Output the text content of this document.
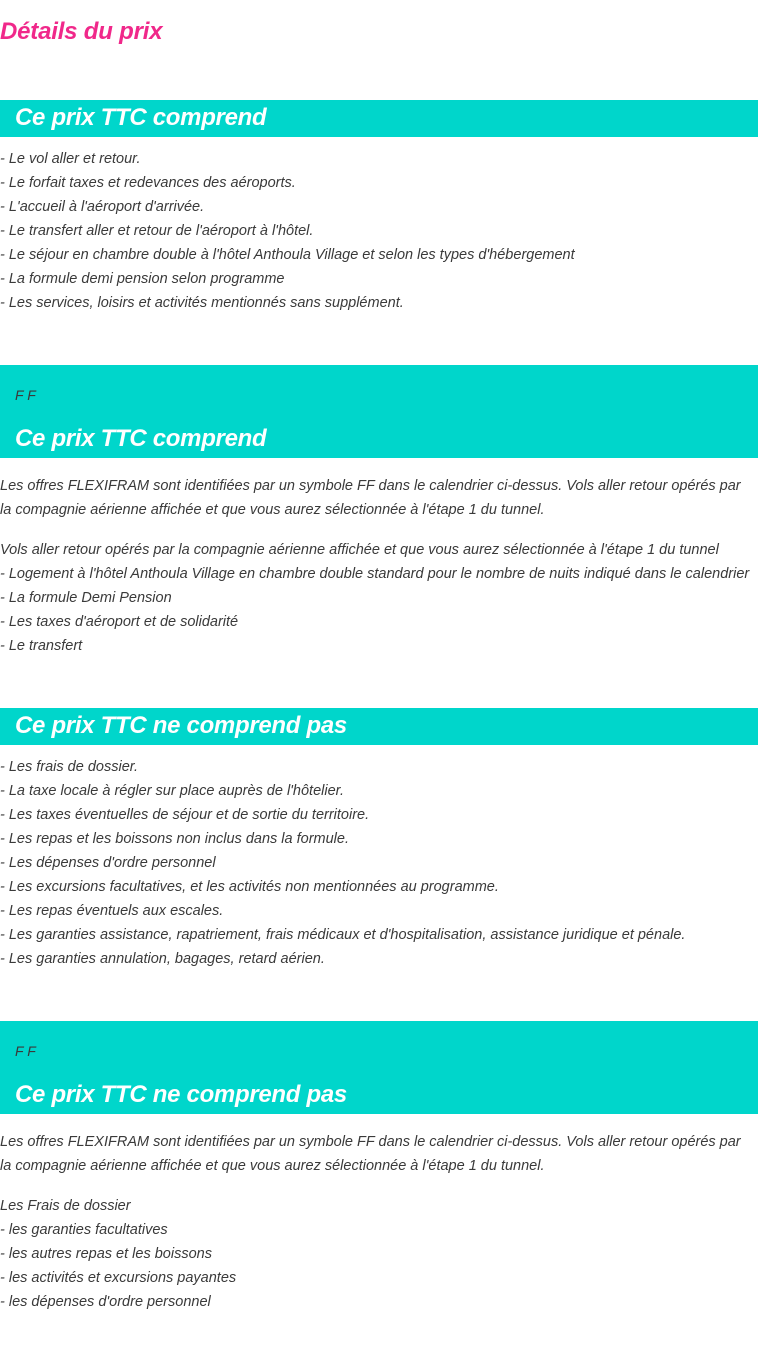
Détails du prix
Ce prix TTC comprend
- Le vol aller et retour.
- Le forfait taxes et redevances des aéroports.
- L'accueil à l'aéroport d'arrivée.
- Le transfert aller et retour de l'aéroport à l'hôtel.
- Le séjour en chambre double à l'hôtel Anthoula Village et selon les types d'hébergement
- La formule demi pension selon programme
- Les services, loisirs et activités mentionnés sans supplément.
F F
Ce prix TTC comprend

Les offres FLEXIFRAM sont identifiées par un symbole FF dans le calendrier ci-dessus. Vols aller retour opérés par la compagnie aérienne affichée et que vous aurez sélectionnée à l'étape 1 du tunnel.

Vols aller retour opérés par la compagnie aérienne affichée et que vous aurez sélectionnée à l'étape 1 du tunnel
- Logement à l'hôtel Anthoula Village en chambre double standard pour le nombre de nuits indiqué dans le calendrier
- La formule Demi Pension
- Les taxes d'aéroport et de solidarité
- Le transfert
Ce prix TTC ne comprend pas
- Les frais de dossier.
- La taxe locale à régler sur place auprès de l'hôtelier.
- Les taxes éventuelles de séjour et de sortie du territoire.
- Les repas et les boissons non inclus dans la formule.
- Les dépenses d'ordre personnel
- Les excursions facultatives, et les activités non mentionnées au programme.
- Les repas éventuels aux escales.
- Les garanties assistance, rapatriement, frais médicaux et d'hospitalisation, assistance juridique et pénale.
- Les garanties annulation, bagages, retard aérien.
F F
Ce prix TTC ne comprend pas

Les offres FLEXIFRAM sont identifiées par un symbole FF dans le calendrier ci-dessus. Vols aller retour opérés par la compagnie aérienne affichée et que vous aurez sélectionnée à l'étape 1 du tunnel.

Les Frais de dossier
- les garanties facultatives
- les autres repas et les boissons
- les activités et excursions payantes
- les dépenses d'ordre personnel
